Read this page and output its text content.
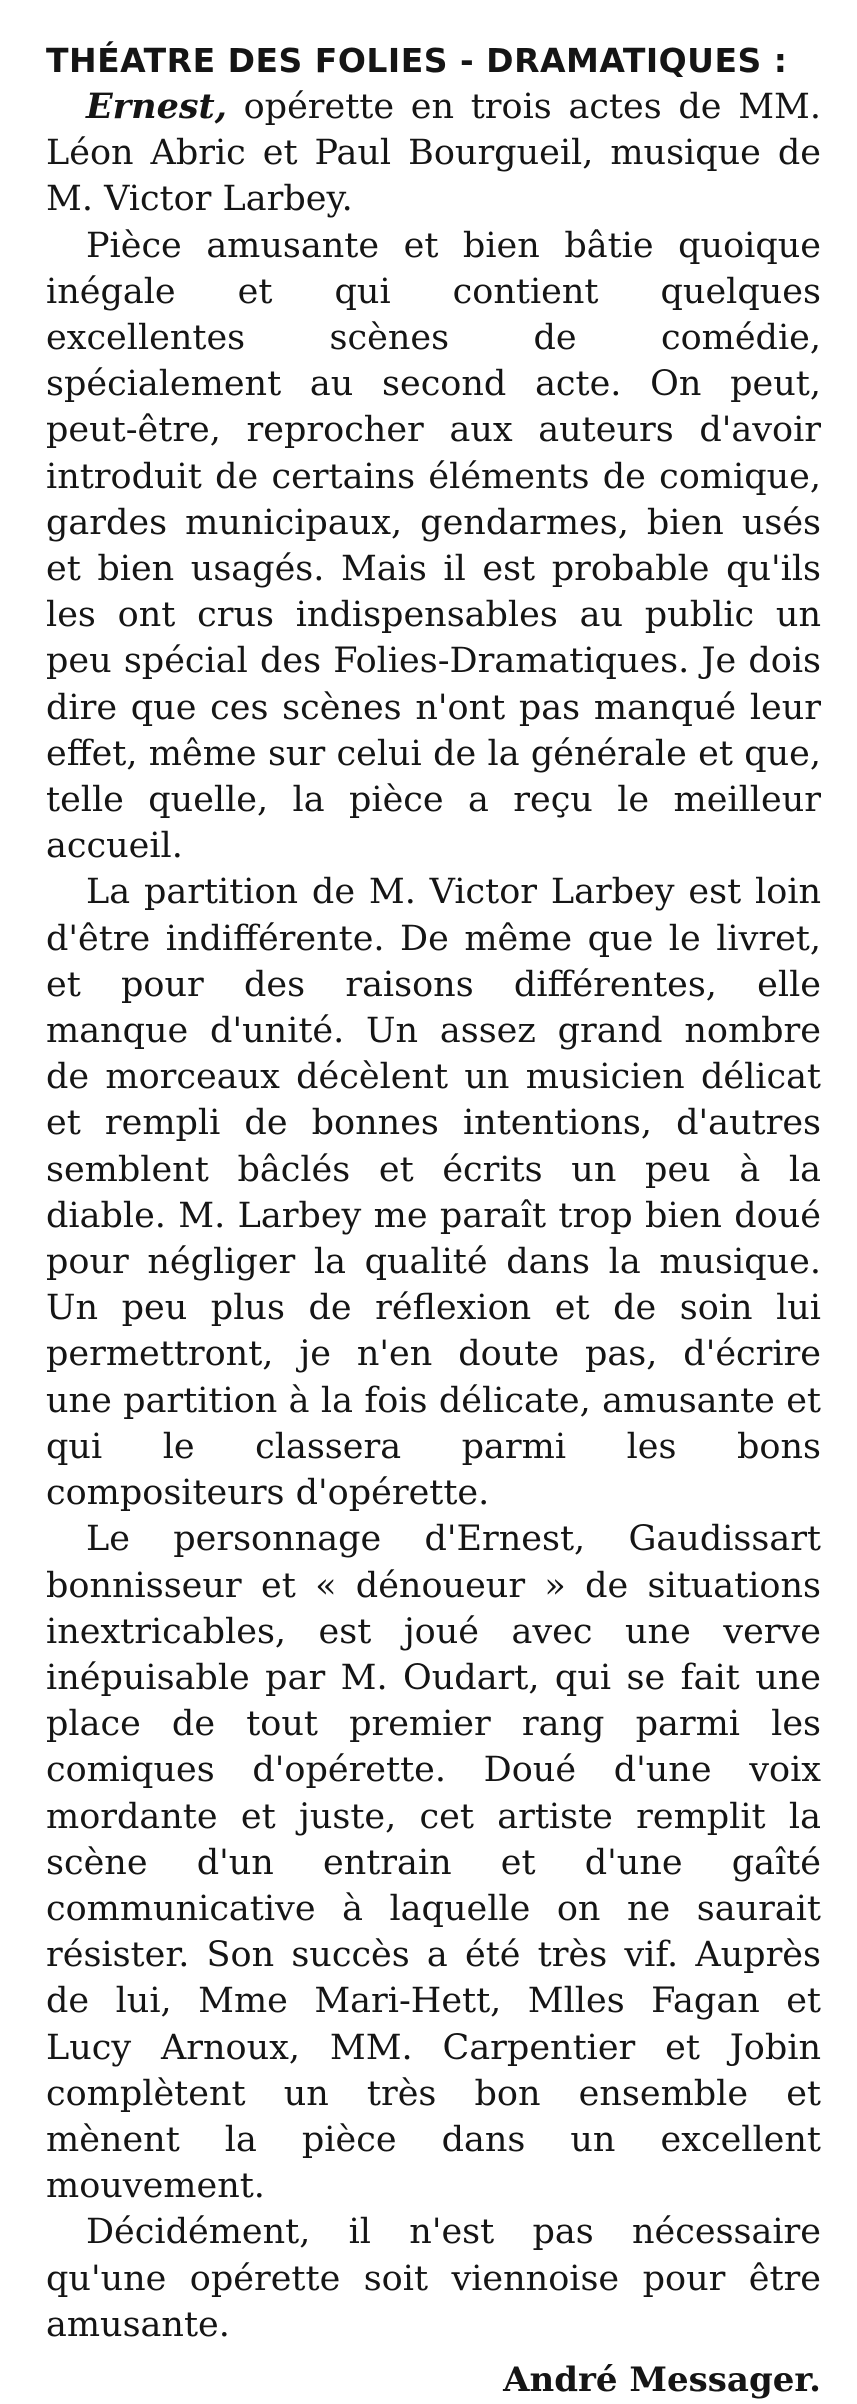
THÉATRE DES FOLIES - DRAMATIQUES :

Ernest, opérette en trois actes de MM. Léon Abric et Paul Bourgueil, musique de M. Victor Larbey.

Pièce amusante et bien bâtie quoique inégale et qui contient quelques excellentes scènes de comédie, spécialement au second acte. On peut, peut-être, reprocher aux auteurs d'avoir introduit de certains éléments de comique, gardes municipaux, gendarmes, bien usés et bien usagés. Mais il est probable qu'ils les ont crus indispensables au public un peu spécial des Folies-Dramatiques. Je dois dire que ces scènes n'ont pas manqué leur effet, même sur celui de la générale et que, telle quelle, la pièce a reçu le meilleur accueil.

La partition de M. Victor Larbey est loin d'être indifférente. De même que le livret, et pour des raisons différentes, elle manque d'unité. Un assez grand nombre de morceaux décèlent un musicien délicat et rempli de bonnes intentions, d'autres semblent bâclés et écrits un peu à la diable. M. Larbey me paraît trop bien doué pour négliger la qualité dans la musique. Un peu plus de réflexion et de soin lui permettront, je n'en doute pas, d'écrire une partition à la fois délicate, amusante et qui le classera parmi les bons compositeurs d'opérette.

Le personnage d'Ernest, Gaudissart bonnisseur et « dénoueur » de situations inextricables, est joué avec une verve inépuisable par M. Oudart, qui se fait une place de tout premier rang parmi les comiques d'opérette. Doué d'une voix mordante et juste, cet artiste remplit la scène d'un entrain et d'une gaîté communicative à laquelle on ne saurait résister. Son succès a été très vif. Auprès de lui, Mme Mari-Hett, Mlles Fagan et Lucy Arnoux, MM. Carpentier et Jobin complètent un très bon ensemble et mènent la pièce dans un excellent mouvement.

Décidément, il n'est pas nécessaire qu'une opérette soit viennoise pour être amusante.

André Messager.
